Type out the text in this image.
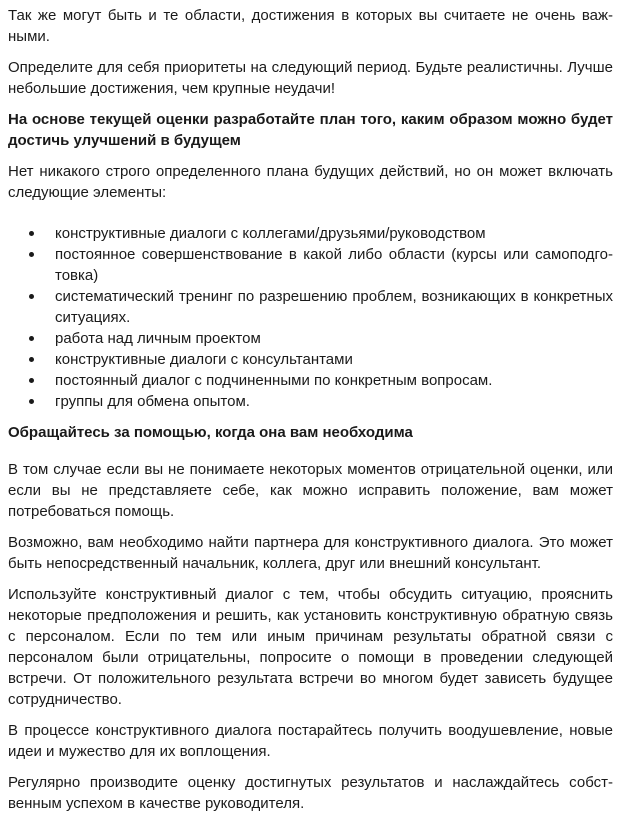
Так же могут быть и те области, достижения в которых вы считаете не очень важными.

Определите для себя приоритеты на следующий период. Будьте реалистичны. Лучше небольшие достижения, чем крупные неудачи!

На основе текущей оценки разработайте план того, каким образом можно будет достичь улучшений в будущем

Нет никакого строго определенного плана будущих действий, но он может включать следующие элементы:

конструктивные диалоги с коллегами/друзьями/руководством
постоянное совершенствование в какой либо области (курсы или самоподготовка)
систематический тренинг по разрешению проблем, возникающих в конкретных ситуациях.
работа над личным проектом
конструктивные диалоги с консультантами
постоянный диалог с подчиненными по конкретным вопросам.
группы для обмена опытом.
Обращайтесь за помощью, когда она вам необходима

В том случае если вы не понимаете некоторых моментов отрицательной оценки, или если вы не представляете себе, как можно исправить положение, вам может потребоваться помощь.

Возможно, вам необходимо найти партнера для конструктивного диалога. Это может быть непосредственный начальник, коллега, друг или внешний консультант.

Используйте конструктивный диалог с тем, чтобы обсудить ситуацию, прояснить некоторые предположения и решить, как установить конструктивную обратную связь с персоналом. Если по тем или иным причинам результаты обратной связи с персоналом были отрицательны, попросите о помощи в проведении следующей встречи. От положительного результата встречи во многом будет зависеть будущее сотрудничество.

В процессе конструктивного диалога постарайтесь получить воодушевление, новые идеи и мужество для их воплощения.

Регулярно производите оценку достигнутых результатов и наслаждайтесь собственным успехом в качестве руководителя.
